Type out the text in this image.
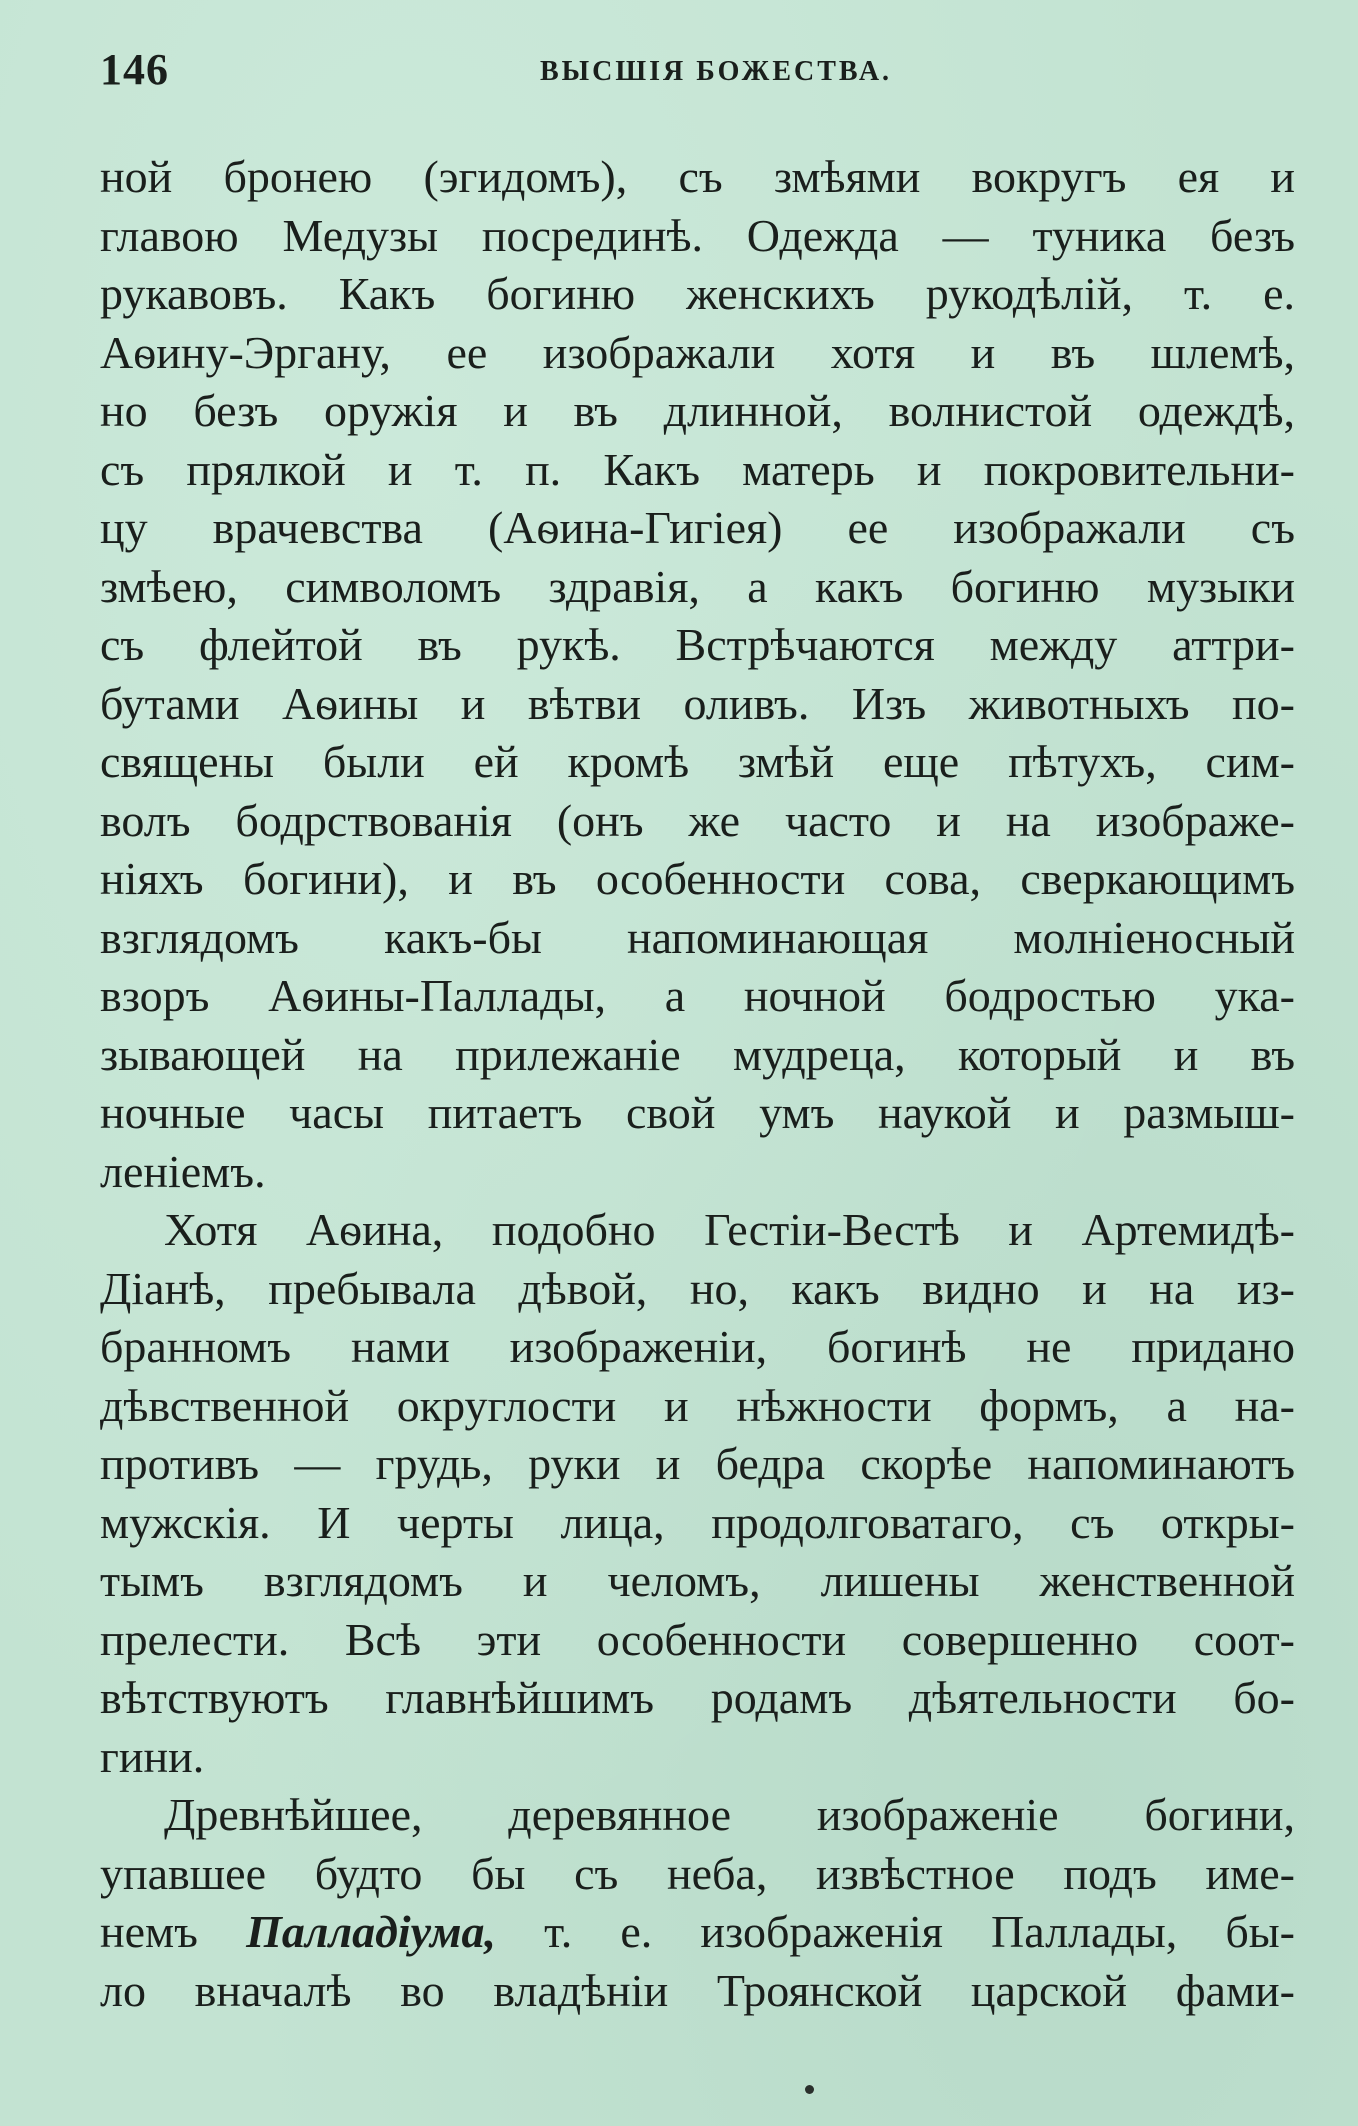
146	ВЫСШІЯ БОЖЕСТВА.
ной бронею (эгидомъ), съ змѣями вокругъ ея и
главою Медузы посрединѣ. Одежда — туника безъ
рукавовъ. Какъ богиню женскихъ рукодѣлій, т. е.
Аѳину-Эргану, ее изображали хотя и въ шлемѣ,
но безъ оружія и въ длинной, волнистой одеждѣ,
съ прялкой и т. п. Какъ матерь и покровительни-
цу врачевства (Аѳина-Гигіея) ее изображали съ
змѣею, символомъ здравія, а какъ богиню музыки
съ флейтой въ рукѣ. Встрѣчаются между аттри-
бутами Аѳины и вѣтви оливъ. Изъ животныхъ по-
священы были ей кромѣ змѣй еще пѣтухъ, сим-
волъ бодрствованія (онъ же часто и на изображе-
ніяхъ богини), и въ особенности сова, сверкающимъ
взглядомъ какъ-бы напоминающая молніеносный
взоръ Аѳины-Паллады, а ночной бодростью ука-
зывающей на прилежаніе мудреца, который и въ
ночные часы питаетъ свой умъ наукой и размыш-
леніемъ.
Хотя Аѳина, подобно Гестіи-Вестѣ и Артемидѣ-
Діанѣ, пребывала дѣвой, но, какъ видно и на из-
бранномъ нами изображеніи, богинѣ не придано
дѣвственной округлости и нѣжности формъ, а на-
противъ — грудь, руки и бедра скорѣе напоминаютъ
мужскія. И черты лица, продолговатаго, съ откры-
тымъ взглядомъ и челомъ, лишены женственной
прелести. Всѣ эти особенности совершенно соот-
вѣтствуютъ главнѣйшимъ родамъ дѣятельности бо-
гини.
Древнѣйшее, деревянное изображеніе богини,
упавшее будто бы съ неба, извѣстное подъ име-
немъ Палладіума, т. е. изображенія Паллады, бы-
ло вначалѣ во владѣніи Троянской царской фами-
